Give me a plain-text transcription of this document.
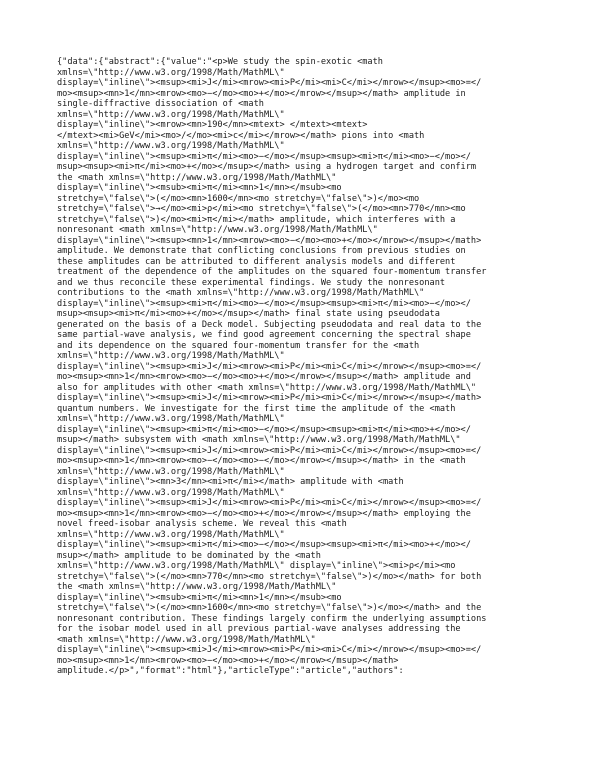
{"data":{"abstract":{"value":"<p>We study the spin-exotic <math
xmlns=\"http://www.w3.org/1998/Math/MathML\"
display=\"inline\"><msup><mi>J</mi><mrow><mi>P</mi><mi>C</mi></mrow></msup><mo>=</
mo><msup><mn>1</mn><mrow><mo>−</mo><mo>+</mo></mrow></msup></math> amplitude in
single-diffractive dissociation of <math
xmlns=\"http://www.w3.org/1998/Math/MathML\"
display=\"inline\"><mrow><mn>190</mn><mtext> </mtext><mtext>
</mtext><mi>GeV</mi><mo>/</mo><mi>c</mi></mrow></math> pions into <math
xmlns=\"http://www.w3.org/1998/Math/MathML\"
display=\"inline\"><msup><mi>π</mi><mo>−</mo></msup><msup><mi>π</mi><mo>−</mo></
msup><msup><mi>π</mi><mo>+</mo></msup></math> using a hydrogen target and confirm
the <math xmlns=\"http://www.w3.org/1998/Math/MathML\"
display=\"inline\"><msub><mi>π</mi><mn>1</mn></msub><mo
stretchy=\"false\">(</mo><mn>1600</mn><mo stretchy=\"false\">)</mo><mo
stretchy=\"false\">→</mo><mi>ρ</mi><mo stretchy=\"false\">(</mo><mn>770</mn><mo
stretchy=\"false\">)</mo><mi>π</mi></math> amplitude, which interferes with a
nonresonant <math xmlns=\"http://www.w3.org/1998/Math/MathML\"
display=\"inline\"><msup><mn>1</mn><mrow><mo>−</mo><mo>+</mo></mrow></msup></math>
amplitude. We demonstrate that conflicting conclusions from previous studies on
these amplitudes can be attributed to different analysis models and different
treatment of the dependence of the amplitudes on the squared four-momentum transfer
and we thus reconcile these experimental findings. We study the nonresonant
contributions to the <math xmlns=\"http://www.w3.org/1998/Math/MathML\"
display=\"inline\"><msup><mi>π</mi><mo>−</mo></msup><msup><mi>π</mi><mo>−</mo></
msup><msup><mi>π</mi><mo>+</mo></msup></math> final state using pseudodata
generated on the basis of a Deck model. Subjecting pseudodata and real data to the
same partial-wave analysis, we find good agreement concerning the spectral shape
and its dependence on the squared four-momentum transfer for the <math
xmlns=\"http://www.w3.org/1998/Math/MathML\"
display=\"inline\"><msup><mi>J</mi><mrow><mi>P</mi><mi>C</mi></mrow></msup><mo>=</
mo><msup><mn>1</mn><mrow><mo>−</mo><mo>+</mo></mrow></msup></math> amplitude and
also for amplitudes with other <math xmlns=\"http://www.w3.org/1998/Math/MathML\"
display=\"inline\"><msup><mi>J</mi><mrow><mi>P</mi><mi>C</mi></mrow></msup></math>
quantum numbers. We investigate for the first time the amplitude of the <math
xmlns=\"http://www.w3.org/1998/Math/MathML\"
display=\"inline\"><msup><mi>π</mi><mo>−</mo></msup><msup><mi>π</mi><mo>+</mo></
msup></math> subsystem with <math xmlns=\"http://www.w3.org/1998/Math/MathML\"
display=\"inline\"><msup><mi>J</mi><mrow><mi>P</mi><mi>C</mi></mrow></msup><mo>=</
mo><msup><mn>1</mn><mrow><mo>−</mo><mo>−</mo></mrow></msup></math> in the <math
xmlns=\"http://www.w3.org/1998/Math/MathML\"
display=\"inline\"><mn>3</mn><mi>π</mi></math> amplitude with <math
xmlns=\"http://www.w3.org/1998/Math/MathML\"
display=\"inline\"><msup><mi>J</mi><mrow><mi>P</mi><mi>C</mi></mrow></msup><mo>=</
mo><msup><mn>1</mn><mrow><mo>−</mo><mo>+</mo></mrow></msup></math> employing the
novel freed-isobar analysis scheme. We reveal this <math
xmlns=\"http://www.w3.org/1998/Math/MathML\"
display=\"inline\"><msup><mi>π</mi><mo>−</mo></msup><msup><mi>π</mi><mo>+</mo></
msup></math> amplitude to be dominated by the <math
xmlns=\"http://www.w3.org/1998/Math/MathML\" display=\"inline\"><mi>ρ</mi><mo
stretchy=\"false\">(</mo><mn>770</mn><mo stretchy=\"false\">)</mo></math> for both
the <math xmlns=\"http://www.w3.org/1998/Math/MathML\"
display=\"inline\"><msub><mi>π</mi><mn>1</mn></msub><mo
stretchy=\"false\">(</mo><mn>1600</mn><mo stretchy=\"false\">)</mo></math> and the
nonresonant contribution. These findings largely confirm the underlying assumptions
for the isobar model used in all previous partial-wave analyses addressing the
<math xmlns=\"http://www.w3.org/1998/Math/MathML\"
display=\"inline\"><msup><mi>J</mi><mrow><mi>P</mi><mi>C</mi></mrow></msup><mo>=</
mo><msup><mn>1</mn><mrow><mo>−</mo><mo>+</mo></mrow></msup></math>
amplitude.</p>","format":"html"},"articleType":"article","authors":
